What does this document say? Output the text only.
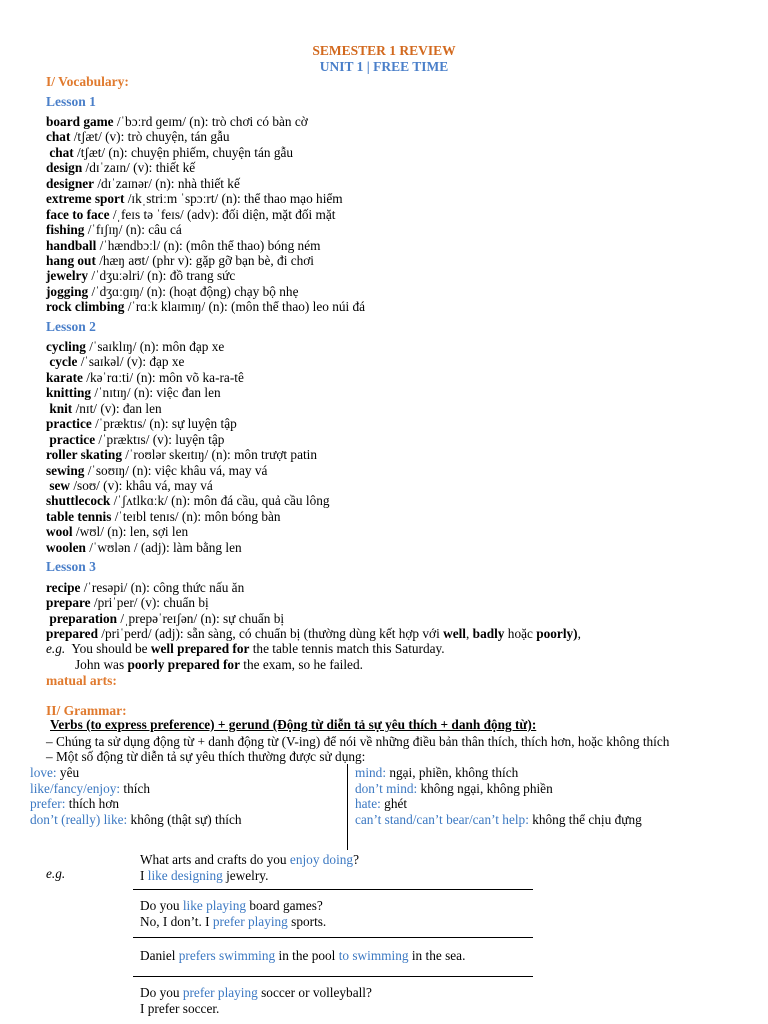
SEMESTER 1 REVIEW
UNIT 1 | FREE TIME
I/ Vocabulary:
Lesson 1
board game /ˈbɔːrd ɡeɪm/ (n): trò chơi có bàn cờ
chat /tʃæt/ (v): trò chuyện, tán gẫu
chat /tʃæt/ (n): chuyện phiếm, chuyện tán gẫu
design /dɪˈzaɪn/ (v): thiết kế
designer /dɪˈzaɪnər/ (n): nhà thiết kế
extreme sport /ɪkˌstriːm ˈspɔːrt/ (n): thể thao mạo hiểm
face to face /ˌfeɪs tə ˈfeɪs/ (adv): đối diện, mặt đối mặt
fishing /ˈfɪʃɪŋ/ (n): câu cá
handball /ˈhændbɔːl/ (n): (môn thể thao) bóng ném
hang out /hæŋ aʊt/ (phr v): gặp gỡ bạn bè, đi chơi
jewelry /ˈdʒuːəlri/ (n): đồ trang sức
jogging /ˈdʒɑːɡɪŋ/ (n): (hoạt động) chạy bộ nhẹ
rock climbing /ˈrɑːk klaɪmɪŋ/ (n): (môn thể thao) leo núi đá
Lesson 2
cycling /ˈsaɪklɪŋ/ (n): môn đạp xe
cycle /ˈsaɪkəl/ (v): đạp xe
karate /kəˈrɑːti/ (n): môn võ ka-ra-tê
knitting /ˈnɪtɪŋ/ (n): việc đan len
knit /nɪt/ (v): đan len
practice /ˈpræktɪs/ (n): sự luyện tập
practice /ˈpræktɪs/ (v): luyện tập
roller skating /ˈroʊlər skeɪtɪŋ/ (n): môn trượt patin
sewing /ˈsoʊɪŋ/ (n): việc khâu vá, may vá
sew /soʊ/ (v): khâu vá, may vá
shuttlecock /ˈʃʌtlkɑːk/ (n): môn đá cầu, quả cầu lông
table tennis /ˈteɪbl tenɪs/ (n): môn bóng bàn
wool /wʊl/ (n): len, sợi len
woolen /ˈwʊlən / (adj): làm bằng len
Lesson 3
recipe /ˈresəpi/ (n): công thức nấu ăn
prepare /priˈper/ (v): chuẩn bị
preparation /ˌprepəˈreɪʃən/ (n): sự chuẩn bị
prepared /priˈperd/ (adj): sẵn sàng, có chuẩn bị (thường dùng kết hợp với well, badly hoặc poorly),
e.g.  You should be well prepared for the table tennis match this Saturday.
John was poorly prepared for the exam, so he failed.
matual arts:
II/ Grammar:
Verbs (to express preference) + gerund (Động từ diễn tả sự yêu thích + danh động từ):
– Chúng ta sử dụng động từ + danh động từ (V-ing) để nói về những điều bản thân thích, thích hơn, hoặc không thích
– Một số động từ diễn tả sự yêu thích thường được sử dụng:
love: yêu
like/fancy/enjoy: thích
prefer: thích hơn
don’t (really) like: không (thật sự) thích
mind: ngại, phiền, không thích
don’t mind: không ngại, không phiền
hate: ghét
can’t stand/can’t bear/can’t help: không thể chịu đựng
e.g.
What arts and crafts do you enjoy doing?
I like designing jewelry.
Do you like playing board games?
No, I don’t. I prefer playing sports.
Daniel prefers swimming in the pool to swimming in the sea.
Do you prefer playing soccer or volleyball?
I prefer soccer.
